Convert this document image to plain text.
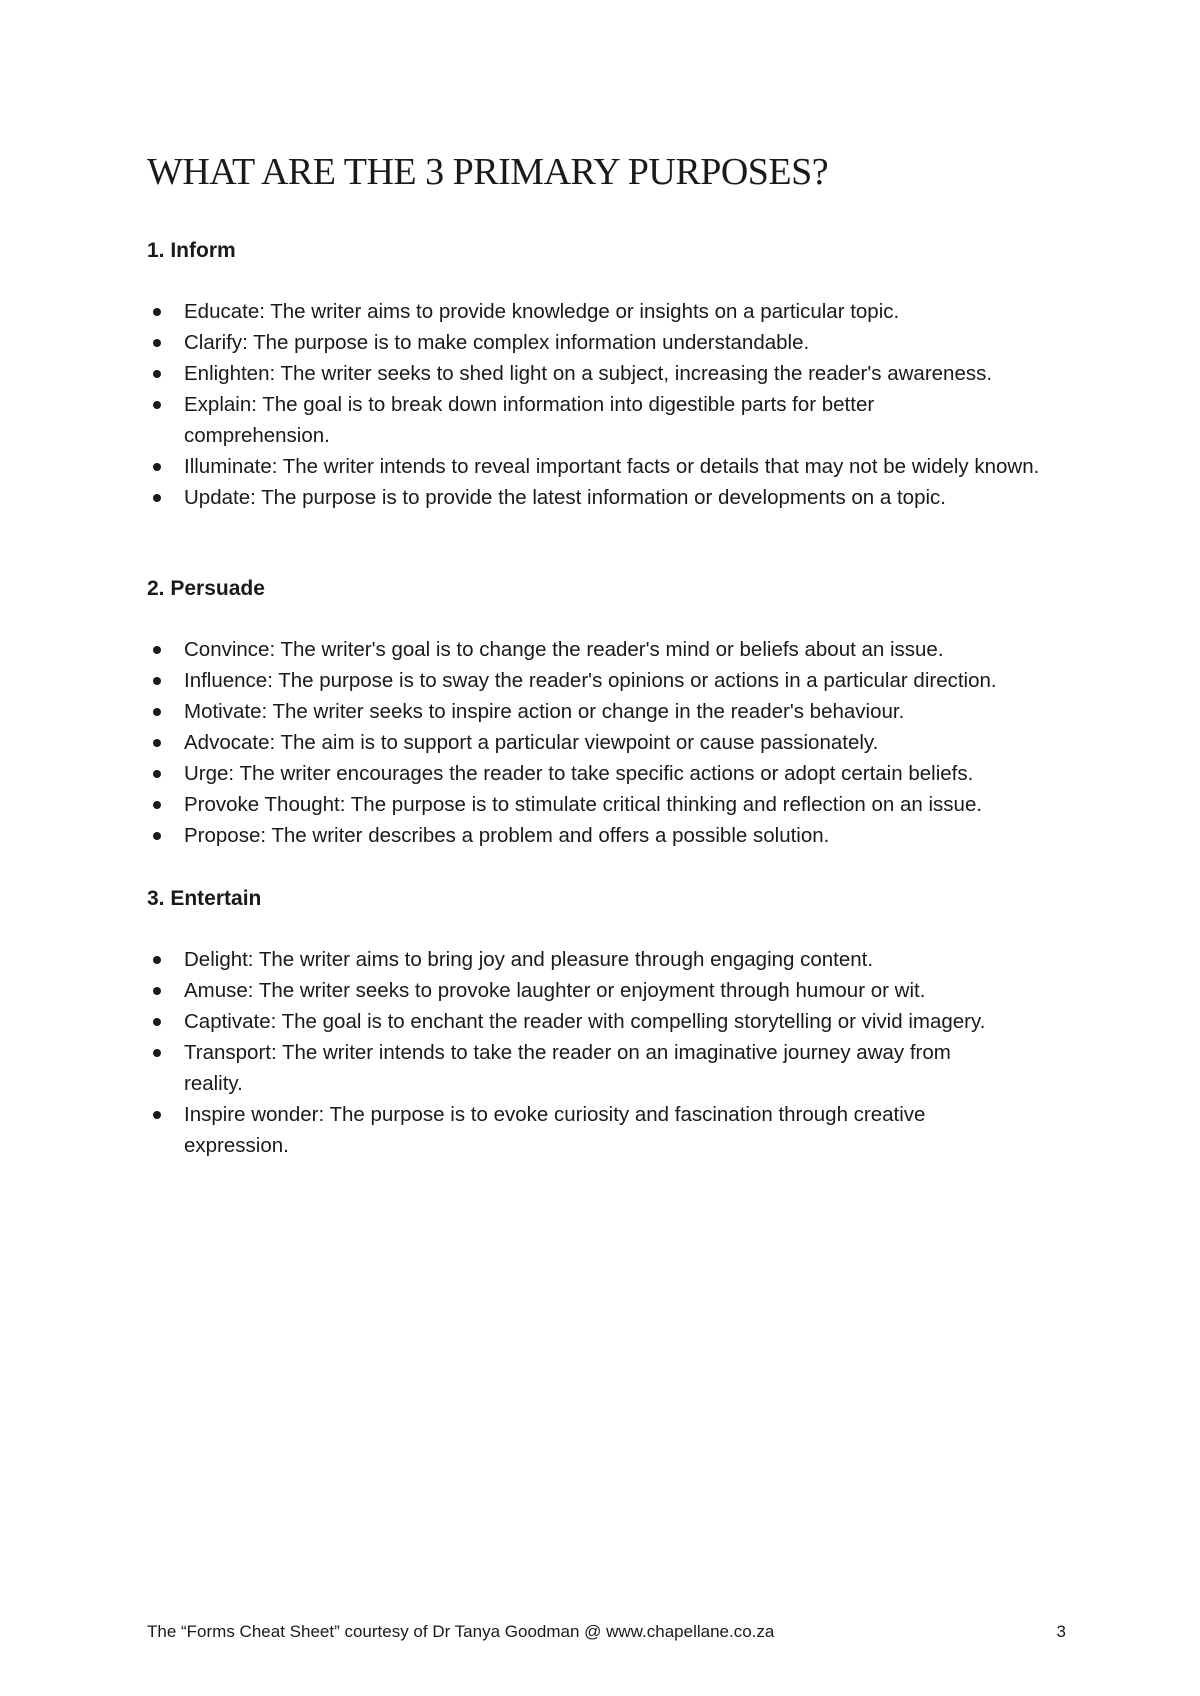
WHAT ARE THE 3 PRIMARY PURPOSES?
1. Inform
Educate: The writer aims to provide knowledge or insights on a particular topic.
Clarify: The purpose is to make complex information understandable.
Enlighten: The writer seeks to shed light on a subject, increasing the reader's awareness.
Explain: The goal is to break down information into digestible parts for better comprehension.
Illuminate: The writer intends to reveal important facts or details that may not be widely known.
Update: The purpose is to provide the latest information or developments on a topic.
2. Persuade
Convince: The writer's goal is to change the reader's mind or beliefs about an issue.
Influence: The purpose is to sway the reader's opinions or actions in a particular direction.
Motivate: The writer seeks to inspire action or change in the reader's behaviour.
Advocate: The aim is to support a particular viewpoint or cause passionately.
Urge: The writer encourages the reader to take specific actions or adopt certain beliefs.
Provoke Thought: The purpose is to stimulate critical thinking and reflection on an issue.
Propose: The writer describes a problem and offers a possible solution.
3. Entertain
Delight: The writer aims to bring joy and pleasure through engaging content.
Amuse: The writer seeks to provoke laughter or enjoyment through humour or wit.
Captivate: The goal is to enchant the reader with compelling storytelling or vivid imagery.
Transport: The writer intends to take the reader on an imaginative journey away from reality.
Inspire wonder: The purpose is to evoke curiosity and fascination through creative expression.
The “Forms Cheat Sheet” courtesy of Dr Tanya Goodman @ www.chapellane.co.za	3
